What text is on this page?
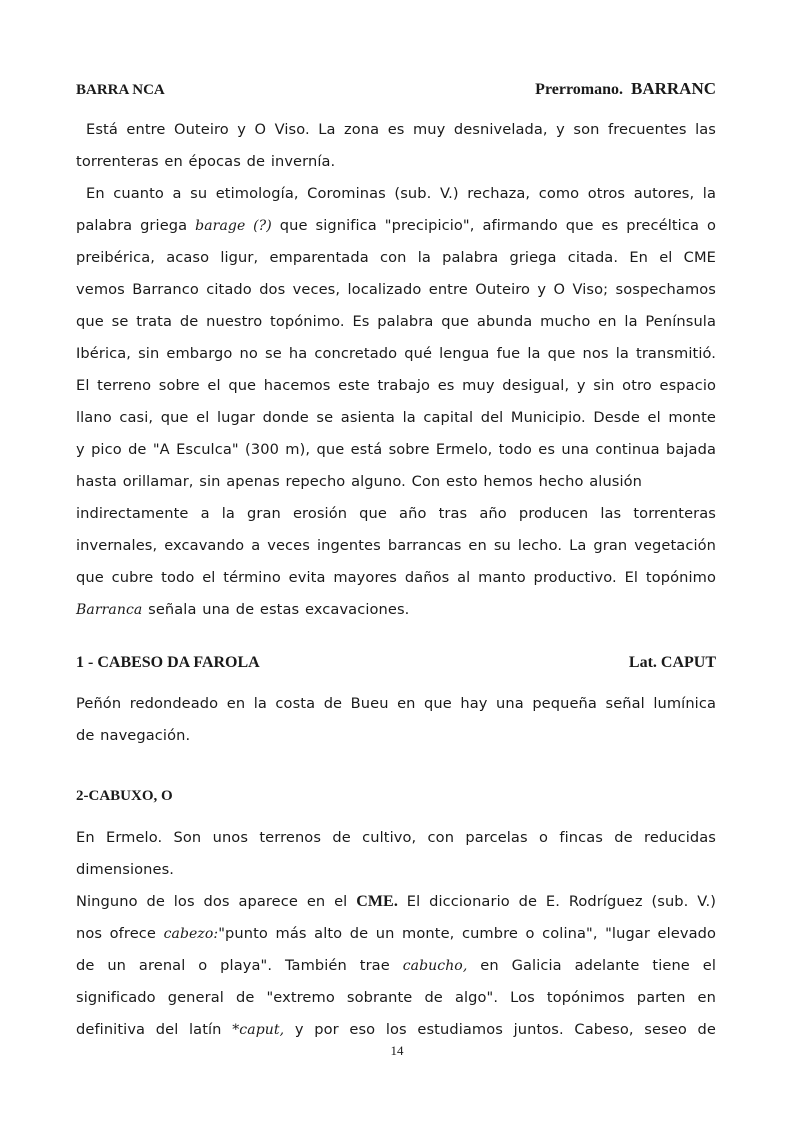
BARRA NCA	Prerromano. BARRANC
Está entre Outeiro y O Viso. La zona es muy desnivelada, y son frecuentes las
torrenteras en épocas de invernía.
En cuanto a su etimología, Corominas (sub. V.) rechaza, como otros autores, la
palabra griega barage (?) que significa "precipicio", afirmando que es precéltica o
preibérica, acaso ligur, emparentada con la palabra griega citada. En el CME
vemos Barranco citado dos veces, localizado entre Outeiro y O Viso; sospechamos
que se trata de nuestro topónimo. Es palabra que abunda mucho en la Península
Ibérica, sin embargo no se ha concretado qué lengua fue la que nos la transmitió.
El terreno sobre el que hacemos este trabajo es muy desigual, y sin otro espacio
llano casi, que el lugar donde se asienta la capital del Municipio. Desde el monte
y pico de "A Esculca" (300 m), que está sobre Ermelo, todo es una continua bajada
hasta orillamar, sin apenas repecho alguno. Con esto hemos hecho alusión
indirectamente a la gran erosión que año tras año producen las torrenteras
invernales, excavando a veces ingentes barrancas en su lecho. La gran vegetación
que cubre todo el término evita mayores daños al manto productivo. El topónimo
Barranca señala una de estas excavaciones.
1 - CABESO DA FAROLA	Lat. CAPUT
Peñón redondeado en la costa de Bueu en que hay una pequeña señal lumínica
de navegación.
2-CABUXO, O
En Ermelo. Son unos terrenos de cultivo, con parcelas o fincas de reducidas
dimensiones.
Ninguno de los dos aparece en el CME. El diccionario de E. Rodríguez (sub. V.)
nos ofrece cabezo:"punto más alto de un monte, cumbre o colina", "lugar elevado
de un arenal o playa". También trae cabucho, en Galicia adelante tiene el
significado general de "extremo sobrante de algo". Los topónimos parten en
definitiva del latín *caput, y por eso los estudiamos juntos. Cabeso, seseo de
14
